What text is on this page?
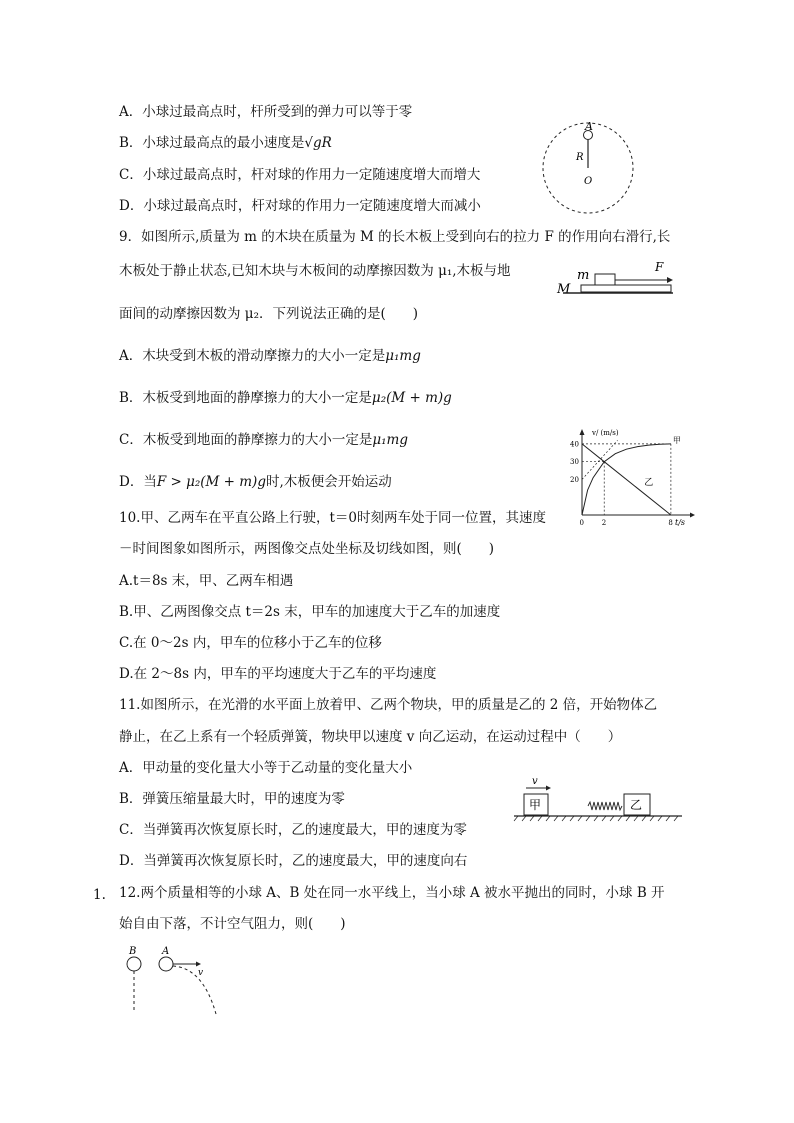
A．小球过最高点时，杆所受到的弹力可以等于零
B．小球过最高点的最小速度是√gR
C．小球过最高点时，杆对球的作用力一定随速度增大而增大
D．小球过最高点时，杆对球的作用力一定随速度增大而减小
A
R
O
9．如图所示,质量为 m 的木块在质量为 M 的长木板上受到向右的拉力 F 的作用向右滑行,长
木板处于静止状态,已知木块与木板间的动摩擦因数为 μ₁,木板与地
面间的动摩擦因数为 μ₂．下列说法正确的是(　　)
m
M
F
A．木块受到木板的滑动摩擦力的大小一定是μ₁mg
B．木板受到地面的静摩擦力的大小一定是μ₂(M + m)g
C．木板受到地面的静摩擦力的大小一定是μ₁mg
D．当F > μ₂(M + m)g时,木板便会开始运动
10.甲、乙两车在平直公路上行驶，t＝0时刻两车处于同一位置，其速度
－时间图象如图所示，两图像交点处坐标及切线如图，则(　　)
A.t＝8s 末，甲、乙两车相遇
B.甲、乙两图像交点 t＝2s 末，甲车的加速度大于乙车的加速度
C.在 0～2s 内，甲车的位移小于乙车的位移
D.在 2～8s 内，甲车的平均速度大于乙车的平均速度
0	2	8
20
30
40
v/ (m/s)
t/s
甲
乙
11.如图所示，在光滑的水平面上放着甲、乙两个物块，甲的质量是乙的 2 倍，开始物体乙
静止，在乙上系有一个轻质弹簧，物块甲以速度 v 向乙运动，在运动过程中（　　）
A．甲动量的变化量大小等于乙动量的变化量大小
B．弹簧压缩量最大时，甲的速度为零
C．当弹簧再次恢复原长时，乙的速度最大，甲的速度为零
D．当弹簧再次恢复原长时，乙的速度最大，甲的速度向右
v
甲	乙
1. 12.两个质量相等的小球 A、B 处在同一水平线上，当小球 A 被水平抛出的同时，小球 B 开
始自由下落，不计空气阻力，则(　　)
B	A
v
